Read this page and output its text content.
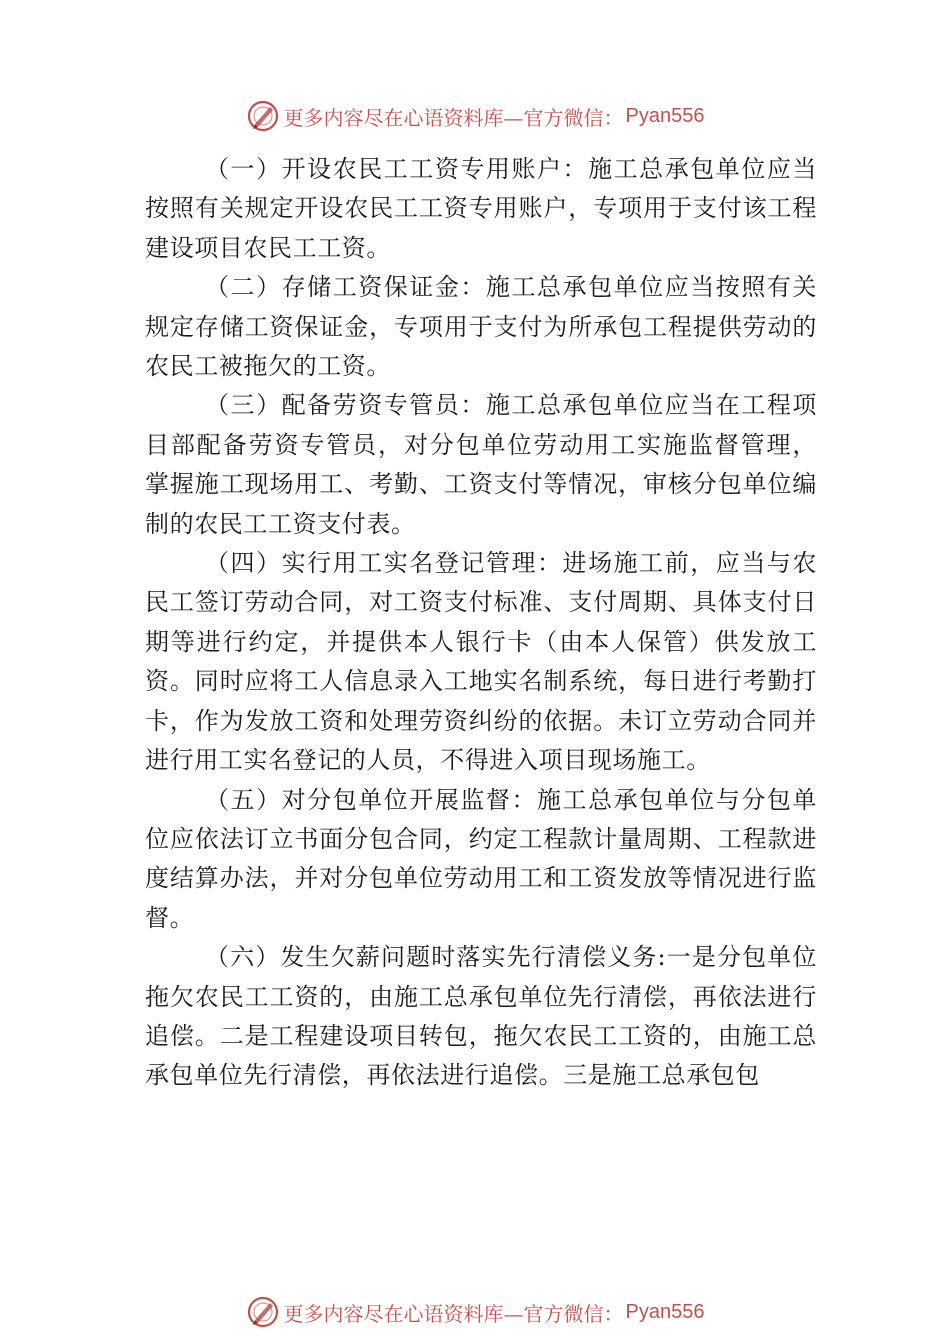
更多内容尽在心语资料库—官方微信： Pyan556

（一）开设农民工工资专用账户：施工总承包单位应当按照有关规定开设农民工工资专用账户，专项用于支付该工程建设项目农民工工资。

（二）存储工资保证金：施工总承包单位应当按照有关规定存储工资保证金，专项用于支付为所承包工程提供劳动的农民工被拖欠的工资。

（三）配备劳资专管员：施工总承包单位应当在工程项目部配备劳资专管员，对分包单位劳动用工实施监督管理， 掌握施工现场用工、考勤、工资支付等情况，审核分包单位编制的农民工工资支付表。

（四）实行用工实名登记管理：进场施工前，应当与农民工签订劳动合同，对工资支付标准、支付周期、具体支付日期等进行约定，并提供本人银行卡（由本人保管）供发放工资。同时应将工人信息录入工地实名制系统，每日进行考勤打卡，作为发放工资和处理劳资纠纷的依据。未订立劳动合同并进行用工实名登记的人员，不得进入项目现场施工。

（五）对分包单位开展监督：施工总承包单位与分包单位应依法订立书面分包合同，约定工程款计量周期、工程款进度结算办法，并对分包单位劳动用工和工资发放等情况进行监督。

（六）发生欠薪问题时落实先行清偿义务:一是分包单位拖欠农民工工资的，由施工总承包单位先行清偿，再依法进行追偿。二是工程建设项目转包，拖欠农民工工资的，由施工总承包单位先行清偿，再依法进行追偿。三是施工总承包包

更多内容尽在心语资料库—官方微信： Pyan556
